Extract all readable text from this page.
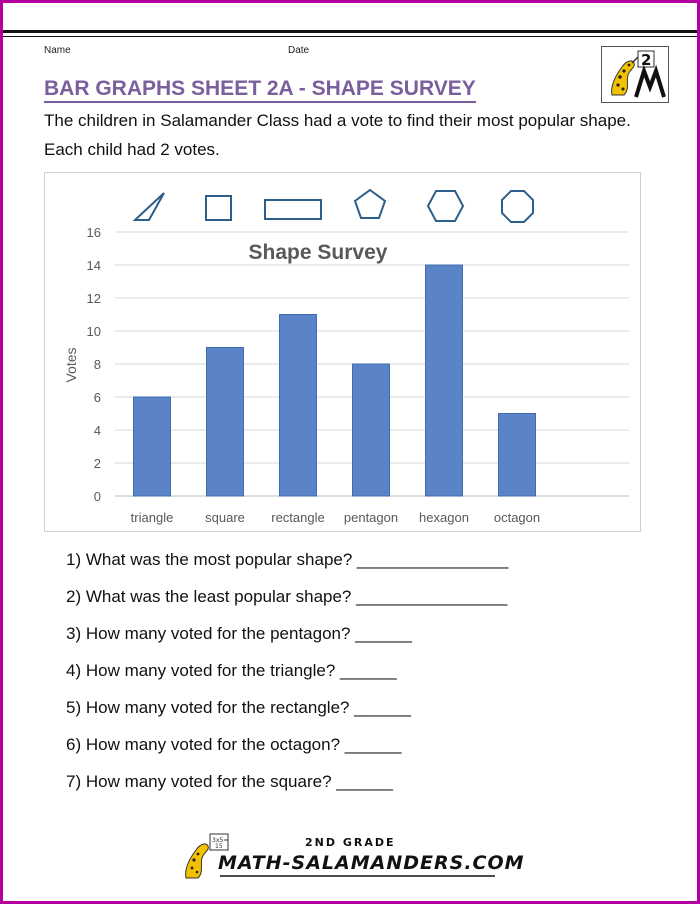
Name	Date
2
BAR GRAPHS SHEET 2A - SHAPE SURVEY
The children in Salamander Class had a vote to find their most popular shape. Each child had 2 votes.
0
2
4
6
8
10
12
14
16
triangle square rectangle pentagon hexagon octagon
Shape Survey
Votes
1) What was the most popular shape? ________________
2) What was the least popular shape? ________________
3) How many voted for the pentagon? ______
4) How many voted for the triangle? ______
5) How many voted for the rectangle? ______
6) How many voted for the octagon? ______
7) How many voted for the square? ______
3x5=
15	2ND GRADE
MATH-SALAMANDERS.COM
